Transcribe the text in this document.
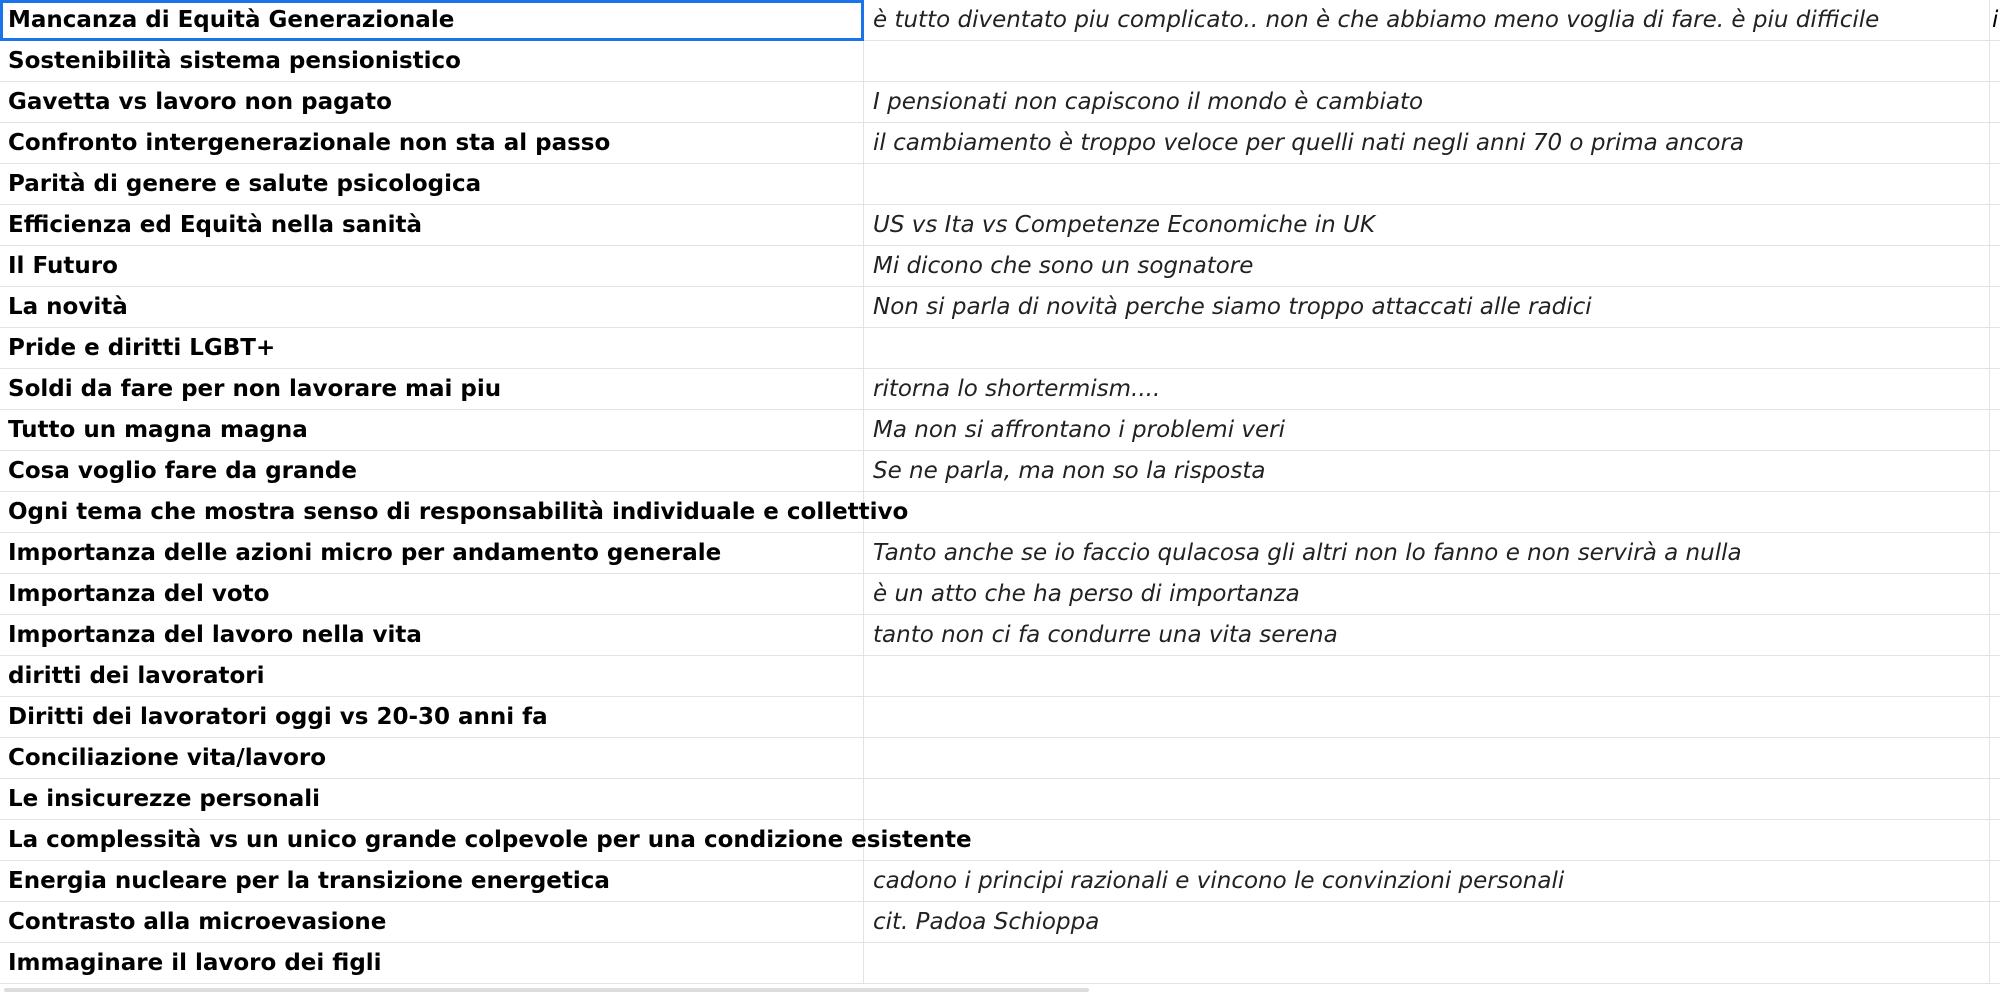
Mancanza di Equità Generazionale	è tutto diventato piu complicato.. non è che abbiamo meno voglia di fare. è piu difficile	i
Sostenibilità sistema pensionistico
Gavetta vs lavoro non pagato	I pensionati non capiscono il mondo è cambiato
Confronto intergenerazionale non sta al passo	il cambiamento è troppo veloce per quelli nati negli anni 70 o prima ancora
Parità di genere e salute psicologica
Efficienza ed Equità nella sanità	US vs Ita vs Competenze Economiche in UK
Il Futuro	Mi dicono che sono un sognatore
La novità	Non si parla di novità perche siamo troppo attaccati alle radici
Pride e diritti LGBT+
Soldi da fare per non lavorare mai piu	ritorna lo shortermism....
Tutto un magna magna	Ma non si affrontano i problemi veri
Cosa voglio fare da grande	Se ne parla, ma non so la risposta
Ogni tema che mostra senso di responsabilità individuale e collettivo
Importanza delle azioni micro per andamento generale	Tanto anche se io faccio qulacosa gli altri non lo fanno e non servirà a nulla
Importanza del voto	è un atto che ha perso di importanza
Importanza del lavoro nella vita	tanto non ci fa condurre una vita serena
diritti dei lavoratori
Diritti dei lavoratori oggi vs 20-30 anni fa
Conciliazione vita/lavoro
Le insicurezze personali
La complessità vs un unico grande colpevole per una condizione esistente
Energia nucleare per la transizione energetica	cadono i principi razionali e vincono le convinzioni personali
Contrasto alla microevasione	cit. Padoa Schioppa
Immaginare il lavoro dei figli
